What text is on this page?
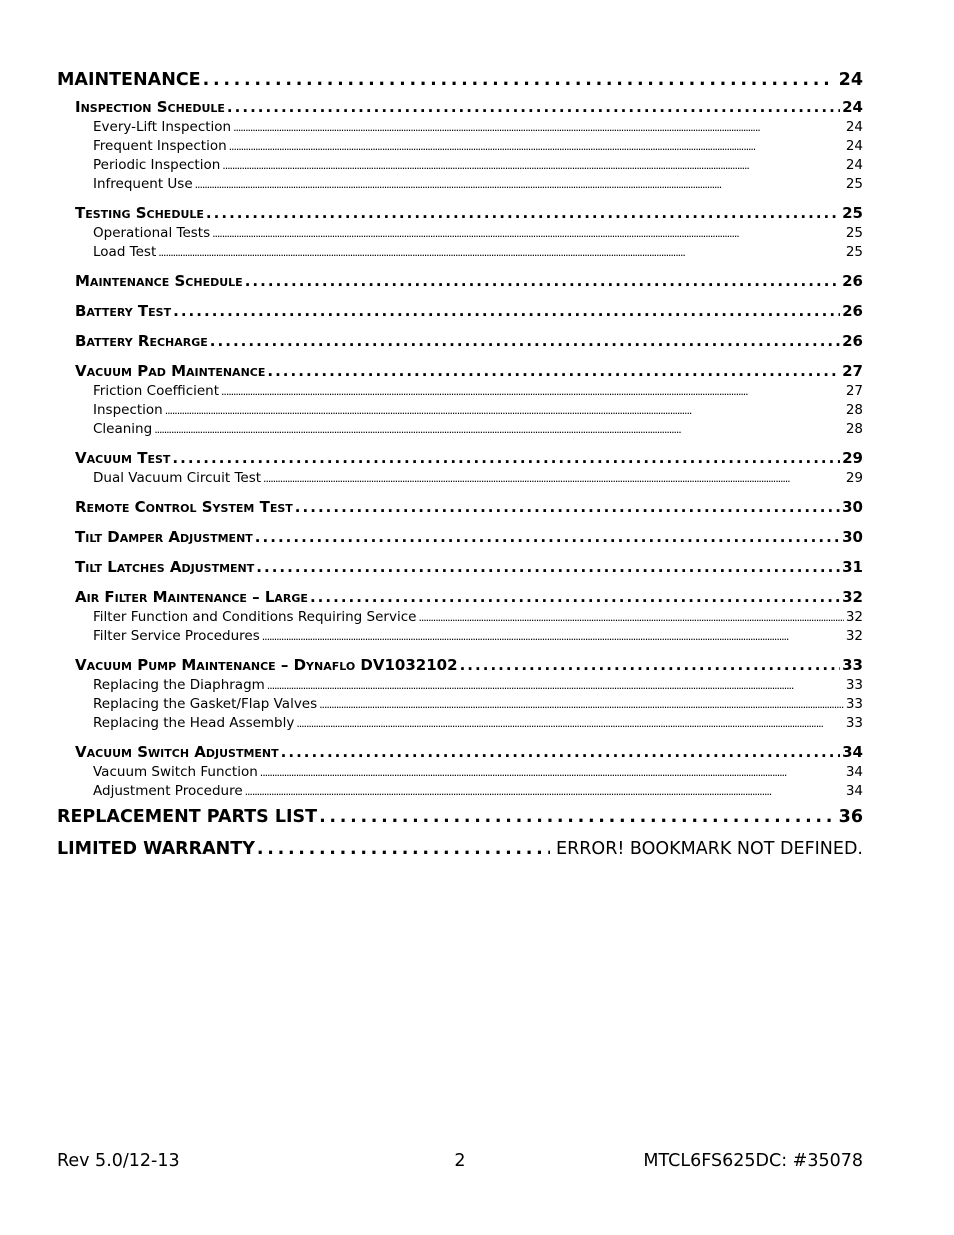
MAINTENANCE . . .	24
Inspection Schedule . . .	24
Every-Lift Inspection . . .	24
Frequent Inspection . . .	24
Periodic Inspection . . .	24
Infrequent Use . . .	25
Testing Schedule . . .	25
Operational Tests . . .	25
Load Test . . .	25
Maintenance Schedule . . .	26
Battery Test . . .	26
Battery Recharge . . .	26
Vacuum Pad Maintenance . . .	27
Friction Coefficient . . .	27
Inspection . . .	28
Cleaning . . .	28
Vacuum Test . . .	29
Dual Vacuum Circuit Test . . .	29
Remote Control System Test . . .	30
Tilt Damper Adjustment . . .	30
Tilt Latches Adjustment . . .	31
Air Filter Maintenance – Large . . .	32
Filter Function and Conditions Requiring Service . . .	32
Filter Service Procedures . . .	32
Vacuum Pump Maintenance – Dynaflo DV1032102 . . .	33
Replacing the Diaphragm . . .	33
Replacing the Gasket/Flap Valves . . .	33
Replacing the Head Assembly . . .	33
Vacuum Switch Adjustment . . .	34
Vacuum Switch Function . . .	34
Adjustment Procedure . . .	34
REPLACEMENT PARTS LIST . . .	36
LIMITED WARRANTY . . .	ERROR! BOOKMARK NOT DEFINED.
Rev 5.0/12-13	2	MTCL6FS625DC: #35078
